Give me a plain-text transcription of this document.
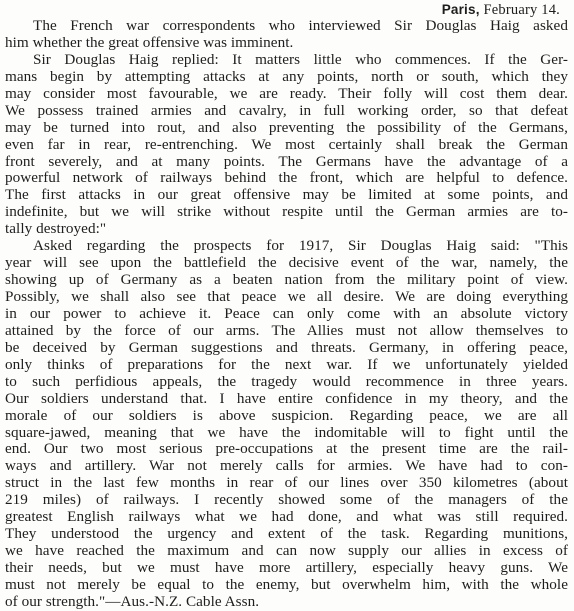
Paris, February 14.
The French war correspondents who interviewed Sir Douglas Haig asked
him whether the great offensive was imminent.
Sir Douglas Haig replied: It matters little who commences. If the Ger-
mans begin by attempting attacks at any points, north or south, which they
may consider most favourable, we are ready. Their folly will cost them dear.
We possess trained armies and cavalry, in full working order, so that defeat
may be turned into rout, and also preventing the possibility of the Germans,
even far in rear, re-entrenching. We most certainly shall break the German
front severely, and at many points. The Germans have the advantage of a
powerful network of railways behind the front, which are helpful to defence.
The first attacks in our great offensive may be limited at some points, and
indefinite, but we will strike without respite until the German armies are to-
tally destroyed:"
Asked regarding the prospects for 1917, Sir Douglas Haig said: "This
year will see upon the battlefield the decisive event of the war, namely, the
showing up of Germany as a beaten nation from the military point of view.
Possibly, we shall also see that peace we all desire. We are doing everything
in our power to achieve it. Peace can only come with an absolute victory
attained by the force of our arms. The Allies must not allow themselves to
be deceived by German suggestions and threats. Germany, in offering peace,
only thinks of preparations for the next war. If we unfortunately yielded
to such perfidious appeals, the tragedy would recommence in three years.
Our soldiers understand that. I have entire confidence in my theory, and the
morale of our soldiers is above suspicion. Regarding peace, we are all
square-jawed, meaning that we have the indomitable will to fight until the
end. Our two most serious pre-occupations at the present time are the rail-
ways and artillery. War not merely calls for armies. We have had to con-
struct in the last few months in rear of our lines over 350 kilometres (about
219 miles) of railways. I recently showed some of the managers of the
greatest English railways what we had done, and what was still required.
They understood the urgency and extent of the task. Regarding munitions,
we have reached the maximum and can now supply our allies in excess of
their needs, but we must have more artillery, especially heavy guns. We
must not merely be equal to the enemy, but overwhelm him, with the whole
of our strength."—Aus.-N.Z. Cable Assn.
